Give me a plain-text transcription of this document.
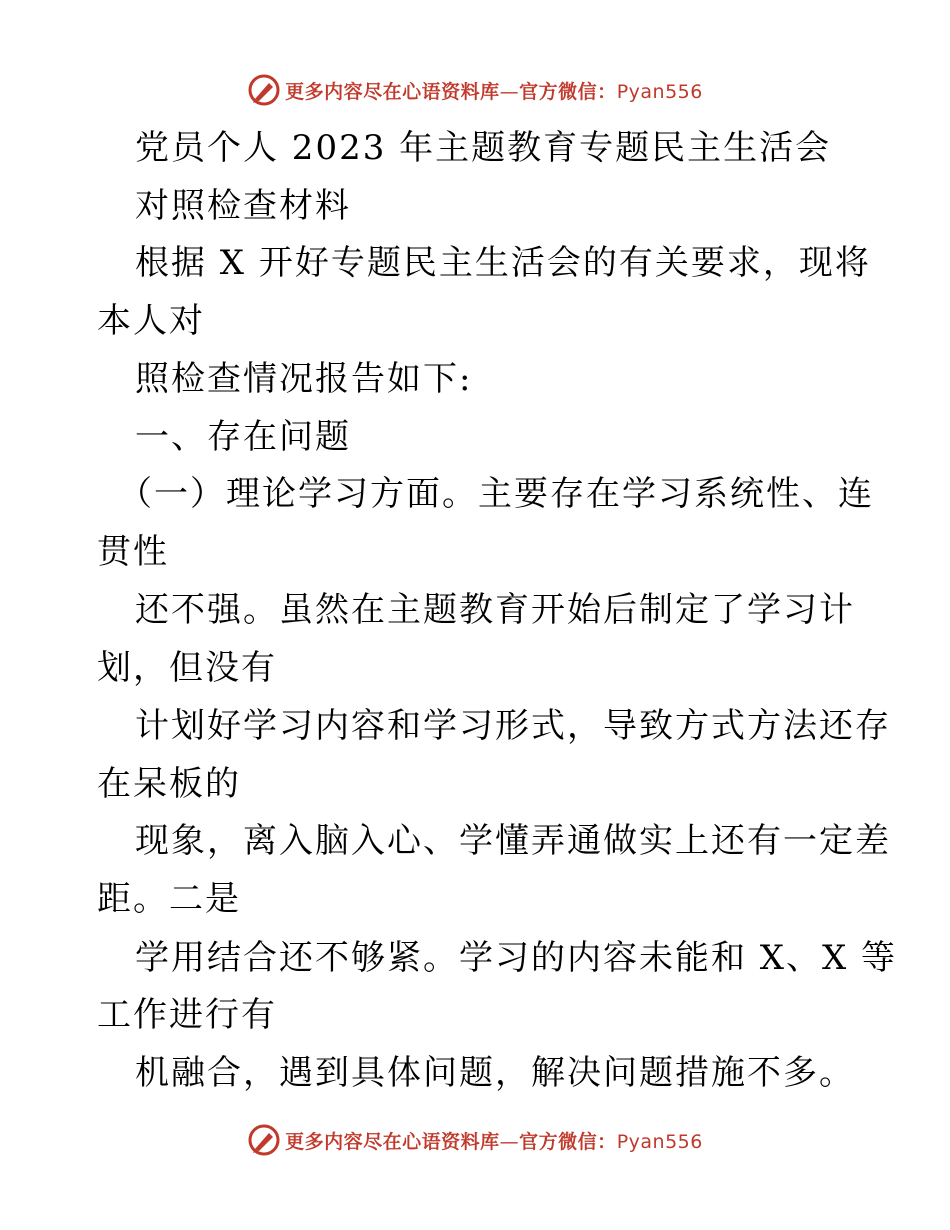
更多内容尽在心语资料库—官方微信：Pyan556
党员个人 2023 年主题教育专题民主生活会
对照检查材料
根据 X 开好专题民主生活会的有关要求，现将
本人对
照检查情况报告如下:
一、存在问题
（一）理论学习方面。主要存在学习系统性、连
贯性
还不强。虽然在主题教育开始后制定了学习计
划，但没有
计划好学习内容和学习形式，导致方式方法还存
在呆板的
现象，离入脑入心、学懂弄通做实上还有一定差
距。二是
学用结合还不够紧。学习的内容未能和 X、X 等
工作进行有
机融合，遇到具体问题，解决问题措施不多。
更多内容尽在心语资料库—官方微信：Pyan556
